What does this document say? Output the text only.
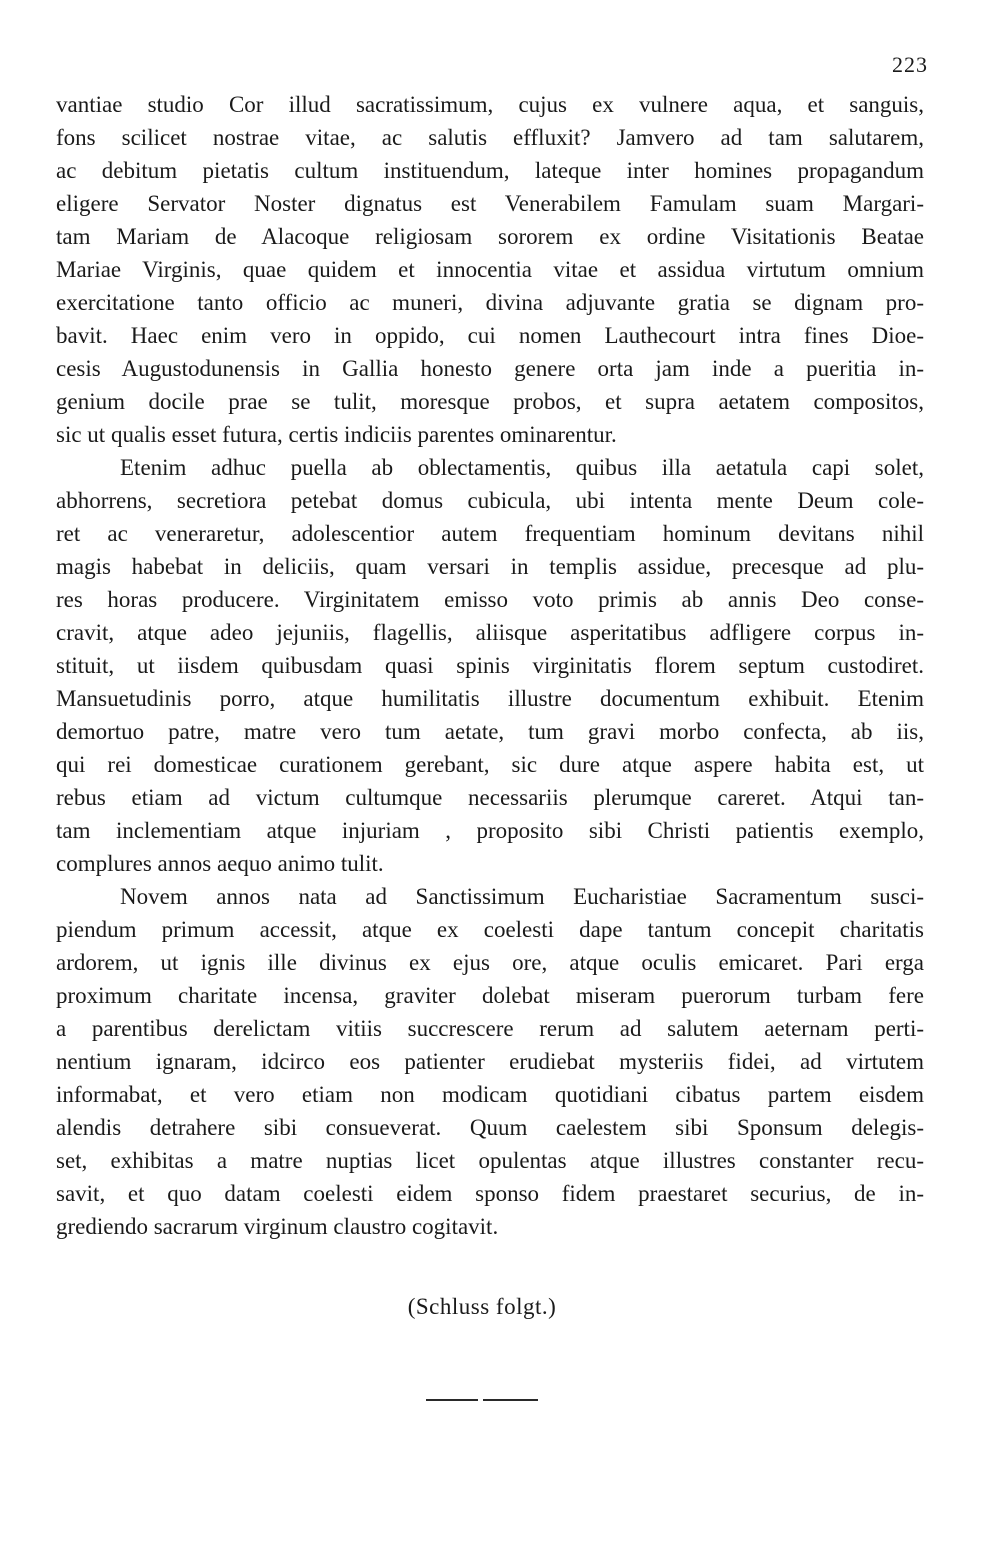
223

vantiae studio Cor illud sacratissimum, cujus ex vulnere aqua, et sanguis,
fons scilicet nostrae vitae, ac salutis effluxit? Jamvero ad tam salutarem,
ac debitum pietatis cultum instituendum, lateque inter homines propagandum
eligere Servator Noster dignatus est Venerabilem Famulam suam Margari-
tam Mariam de Alacoque religiosam sororem ex ordine Visitationis Beatae
Mariae Virginis, quae quidem et innocentia vitae et assidua virtutum omnium
exercitatione tanto officio ac muneri, divina adjuvante gratia se dignam pro-
bavit. Haec enim vero in oppido, cui nomen Lauthecourt intra fines Dioe-
cesis Augustodunensis in Gallia honesto genere orta jam inde a pueritia in-
genium docile prae se tulit, moresque probos, et supra aetatem compositos,
sic ut qualis esset futura, certis indiciis parentes ominarentur.

Etenim adhuc puella ab oblectamentis, quibus illa aetatula capi solet,
abhorrens, secretiora petebat domus cubicula, ubi intenta mente Deum cole-
ret ac veneraretur, adolescentior autem frequentiam hominum devitans nihil
magis habebat in deliciis, quam versari in templis assidue, precesque ad plu-
res horas producere. Virginitatem emisso voto primis ab annis Deo conse-
cravit, atque adeo jejuniis, flagellis, aliisque asperitatibus adfligere corpus in-
stituit, ut iisdem quibusdam quasi spinis virginitatis florem septum custodiret.
Mansuetudinis porro, atque humilitatis illustre documentum exhibuit. Etenim
demortuo patre, matre vero tum aetate, tum gravi morbo confecta, ab iis,
qui rei domesticae curationem gerebant, sic dure atque aspere habita est, ut
rebus etiam ad victum cultumque necessariis plerumque careret. Atqui tan-
tam inclementiam atque injuriam , proposito sibi Christi patientis exemplo,
complures annos aequo animo tulit.

Novem annos nata ad Sanctissimum Eucharistiae Sacramentum susci-
piendum primum accessit, atque ex coelesti dape tantum concepit charitatis
ardorem, ut ignis ille divinus ex ejus ore, atque oculis emicaret. Pari erga
proximum charitate incensa, graviter dolebat miseram puerorum turbam fere
a parentibus derelictam vitiis succrescere rerum ad salutem aeternam perti-
nentium ignaram, idcirco eos patienter erudiebat mysteriis fidei, ad virtutem
informabat, et vero etiam non modicam quotidiani cibatus partem eisdem
alendis detrahere sibi consueverat. Quum caelestem sibi Sponsum delegis-
set, exhibitas a matre nuptias licet opulentas atque illustres constanter recu-
savit, et quo datam coelesti eidem sponso fidem praestaret securius, de in-
grediendo sacrarum virginum claustro cogitavit.

(Schluss folgt.)
